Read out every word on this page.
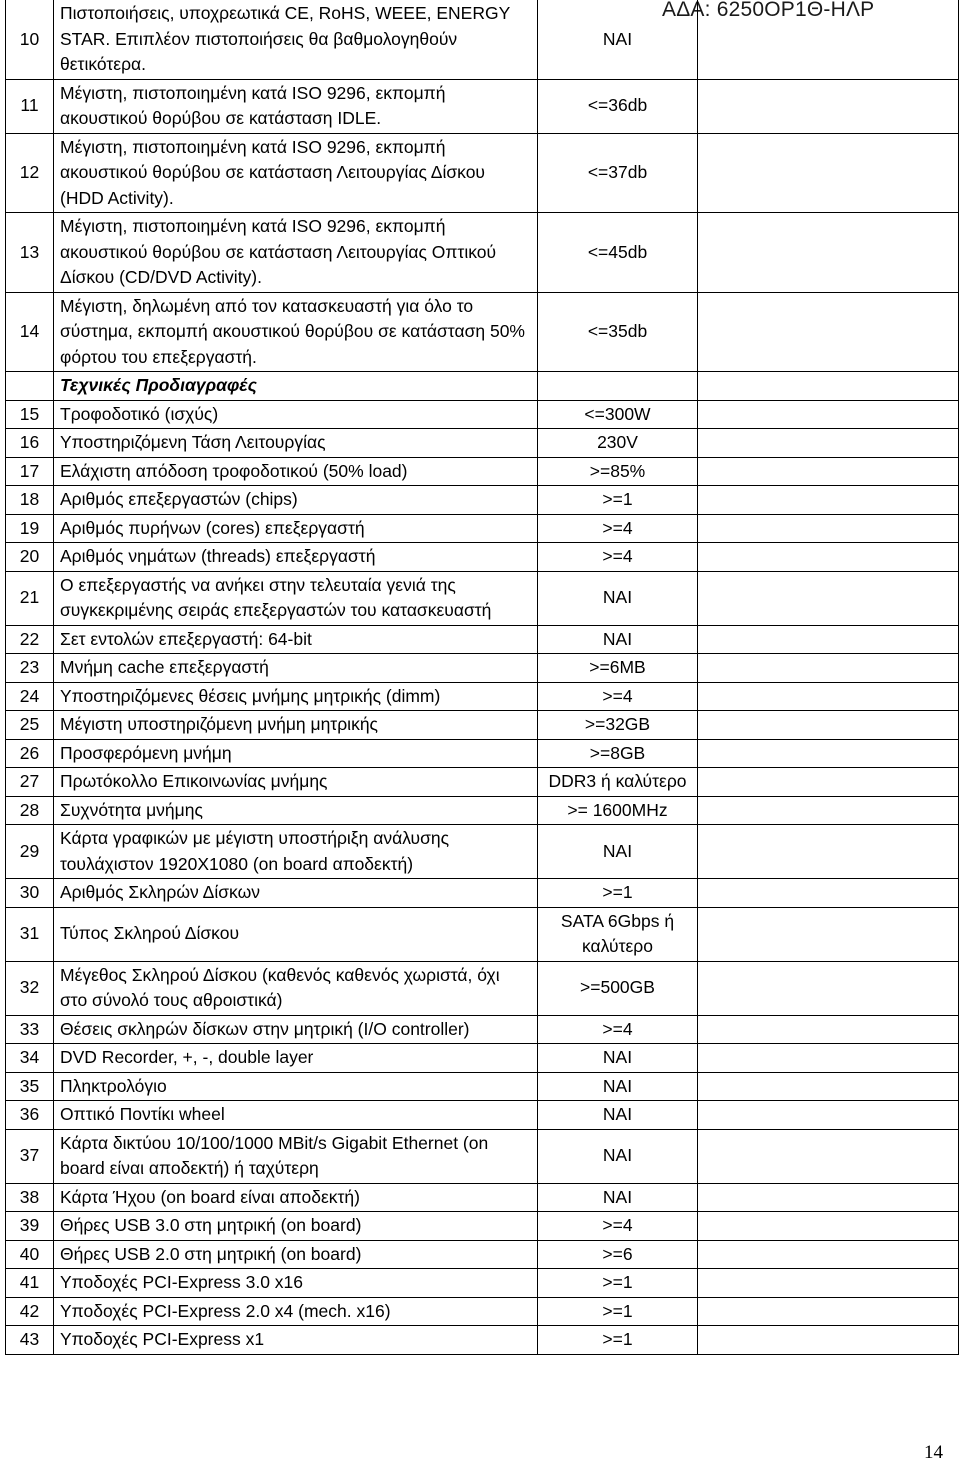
ΑΔΑ: 6250ΟΡ1Θ-ΗΛΡ
10	Πιστοποιήσεις, υποχρεωτικά CE, RoHS, WEEE, ENERGY STAR. Επιπλέον πιστοποιήσεις θα βαθμολογηθούν θετικότερα.	ΝΑΙ	
11	Μέγιστη, πιστοποιημένη κατά ISO 9296, εκπομπή ακουστικού θορύβου σε κατάσταση IDLE.	<=36db	
12	Μέγιστη, πιστοποιημένη κατά ISO 9296, εκπομπή ακουστικού θορύβου σε κατάσταση Λειτουργίας Δίσκου (HDD Activity).	<=37db	
13	Μέγιστη, πιστοποιημένη κατά ISO 9296, εκπομπή ακουστικού θορύβου σε κατάσταση Λειτουργίας Οπτικού Δίσκου (CD/DVD Activity).	<=45db	
14	Μέγιστη, δηλωμένη από τον κατασκευαστή για όλο το σύστημα, εκπομπή ακουστικού θορύβου σε κατάσταση 50% φόρτου του επεξεργαστή.	<=35db	
	Τεχνικές Προδιαγραφές		
15	Τροφοδοτικό (ισχύς)	<=300W	
16	Υποστηριζόμενη Τάση Λειτουργίας	230V	
17	Ελάχιστη απόδοση τροφοδοτικού (50% load)	>=85%	
18	Αριθμός επεξεργαστών (chips)	>=1	
19	Αριθμός πυρήνων (cores) επεξεργαστή	>=4	
20	Αριθμός νημάτων (threads) επεξεργαστή	>=4	
21	Ο επεξεργαστής να ανήκει στην τελευταία γενιά της συγκεκριμένης σειράς επεξεργαστών του κατασκευαστή	ΝΑΙ	
22	Σετ εντολών επεξεργαστή: 64-bit	ΝΑΙ	
23	Μνήμη cache επεξεργαστή	>=6MB	
24	Υποστηριζόμενες θέσεις μνήμης μητρικής (dimm)	>=4	
25	Μέγιστη υποστηριζόμενη μνήμη μητρικής	>=32GB	
26	Προσφερόμενη μνήμη	>=8GB	
27	Πρωτόκολλο Επικοινωνίας μνήμης	DDR3 ή καλύτερο	
28	Συχνότητα μνήμης	>= 1600MHz	
29	Κάρτα γραφικών με μέγιστη υποστήριξη ανάλυσης τουλάχιστον 1920X1080 (on board αποδεκτή)	ΝΑΙ	
30	Αριθμός Σκληρών Δίσκων	>=1	
31	Τύπος Σκληρού Δίσκου	SATA 6Gbps ή καλύτερο	
32	Μέγεθος Σκληρού Δίσκου (καθενός καθενός χωριστά, όχι στο σύνολό τους αθροιστικά)	>=500GB	
33	Θέσεις σκληρών δίσκων στην μητρική (I/O controller)	>=4	
34	DVD Recorder, +, -, double layer	ΝΑΙ	
35	Πληκτρολόγιο	ΝΑΙ	
36	Οπτικό Ποντίκι wheel	ΝΑΙ	
37	Κάρτα δικτύου 10/100/1000 MBit/s Gigabit Ethernet (on board είναι αποδεκτή) ή ταχύτερη	ΝΑΙ	
38	Κάρτα Ήχου (on board είναι αποδεκτή)	ΝΑΙ	
39	Θήρες USB 3.0 στη μητρική (on board)	>=4	
40	Θήρες USB 2.0 στη μητρική (on board)	>=6	
41	Υποδοχές PCI-Express 3.0 x16	>=1	
42	Υποδοχές PCI-Express 2.0 x4 (mech. x16)	>=1	
43	Υποδοχές PCI-Express x1	>=1	
14
